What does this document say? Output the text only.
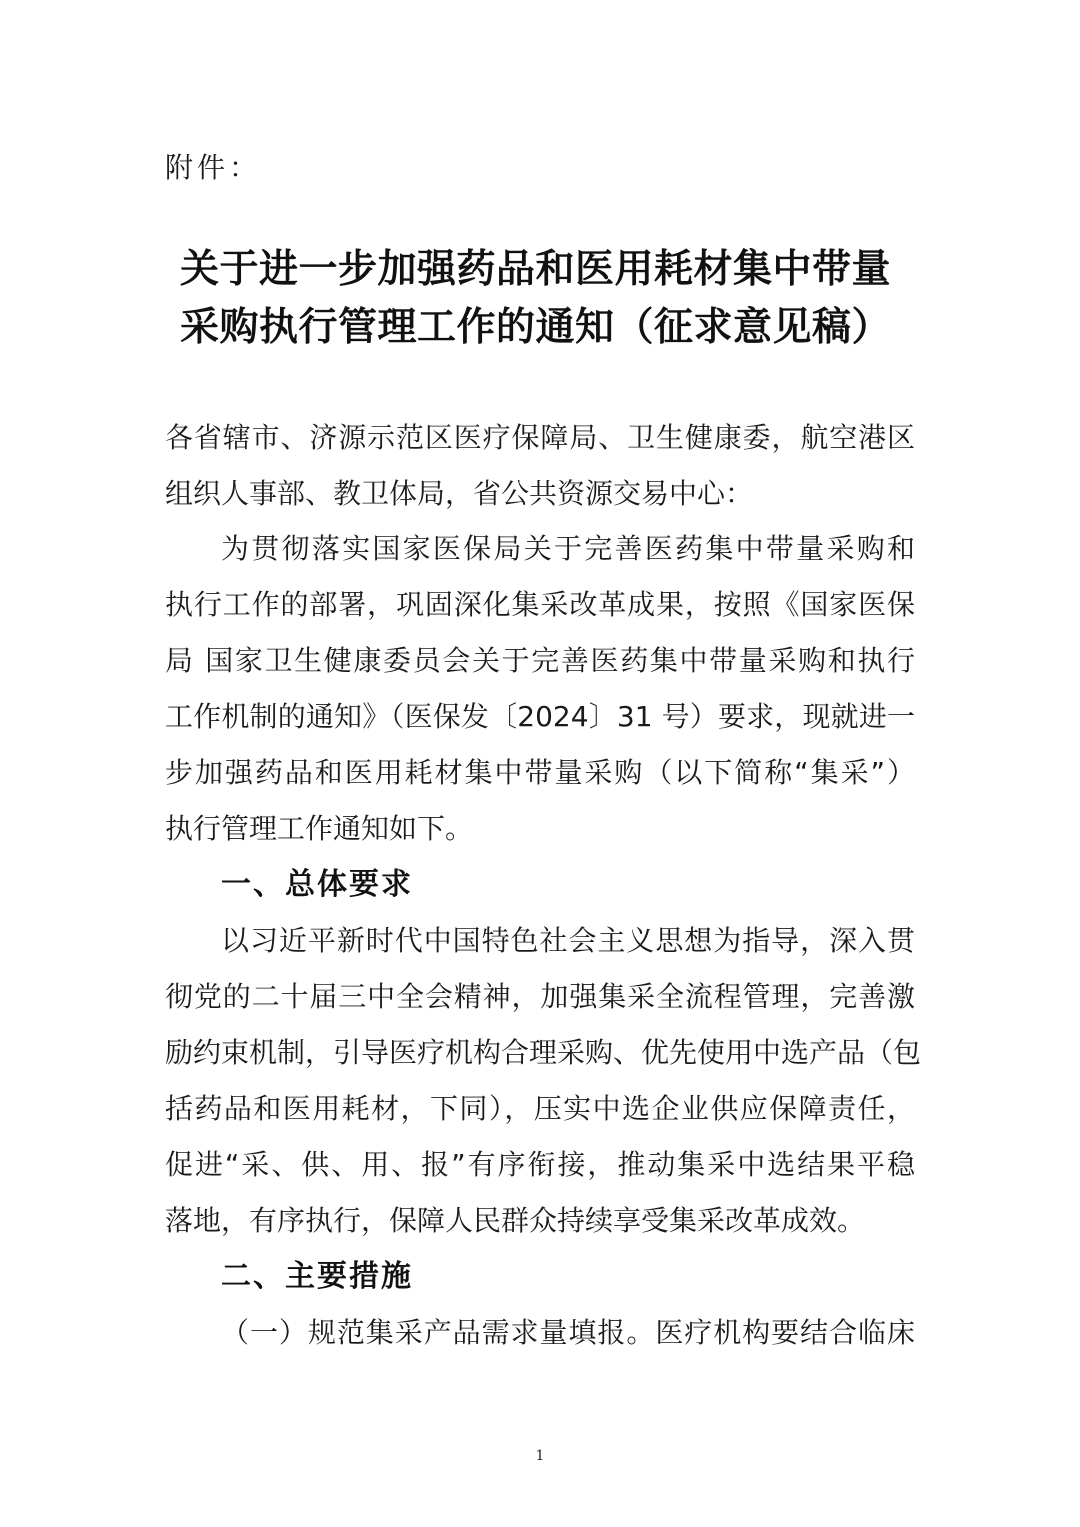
附件：
关于进一步加强药品和医用耗材集中带量
采购执行管理工作的通知（征求意见稿）
各省辖市、济源示范区医疗保障局、卫生健康委，航空港区
组织人事部、教卫体局，省公共资源交易中心：
为贯彻落实国家医保局关于完善医药集中带量采购和
执行工作的部署，巩固深化集采改革成果，按照《国家医保
局 国家卫生健康委员会关于完善医药集中带量采购和执行
工作机制的通知》（医保发〔2024〕31 号）要求，现就进一
步加强药品和医用耗材集中带量采购（以下简称“集采”）
执行管理工作通知如下。
一、总体要求
以习近平新时代中国特色社会主义思想为指导，深入贯
彻党的二十届三中全会精神，加强集采全流程管理，完善激
励约束机制，引导医疗机构合理采购、优先使用中选产品（包
括药品和医用耗材，下同），压实中选企业供应保障责任，
促进“采、供、用、报”有序衔接，推动集采中选结果平稳
落地，有序执行，保障人民群众持续享受集采改革成效。
二、主要措施
（一）规范集采产品需求量填报。医疗机构要结合临床
1
